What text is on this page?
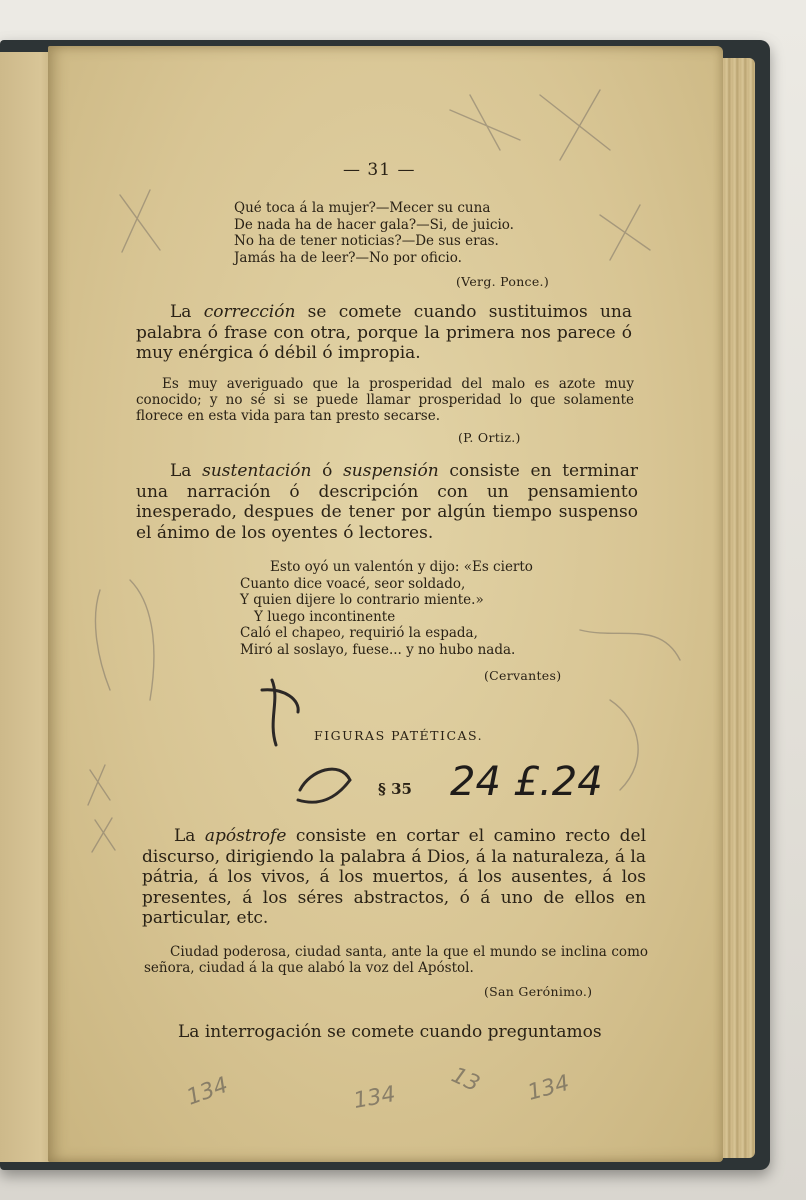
— 31 —
Qué toca á la mujer?—Mecer su cuna
De nada ha de hacer gala?—Si, de juicio.
No ha de tener noticias?—De sus eras.
Jamás ha de leer?—No por oficio.
(Verg. Ponce.)
La corrección se comete cuando sustituimos una palabra ó frase con otra, porque la primera nos parece ó muy enérgica ó débil ó impropia.
Es muy averiguado que la prosperidad del malo es azote muy conocido; y no sé si se puede llamar prosperidad lo que solamente florece en esta vida para tan presto secarse.
(P. Ortiz.)
La sustentación ó suspensión consiste en terminar una narración ó descripción con un pensamiento inesperado, despues de tener por algún tiempo suspenso el ánimo de los oyentes ó lectores.
Esto oyó un valentón y dijo: «Es cierto
Cuanto dice voacé, seor soldado,
Y quien dijere lo contrario miente.»
Y luego incontinente
Caló el chapeo, requirió la espada,
Miró al soslayo, fuese... y no hubo nada.
(Cervantes)
FIGURAS PATÉTICAS.
§ 35
La apóstrofe consiste en cortar el camino recto del discurso, dirigiendo la palabra á Dios, á la naturaleza, á la pátria, á los vivos, á los muertos, á los ausentes, á los presentes, á los séres abstractos, ó á uno de ellos en particular, etc.
Ciudad poderosa, ciudad santa, ante la que el mundo se inclina como señora, ciudad á la que alabó la voz del Apóstol.
(San Gerónimo.)
La interrogación se comete cuando preguntamos
24 £.24
134	134
13 134
